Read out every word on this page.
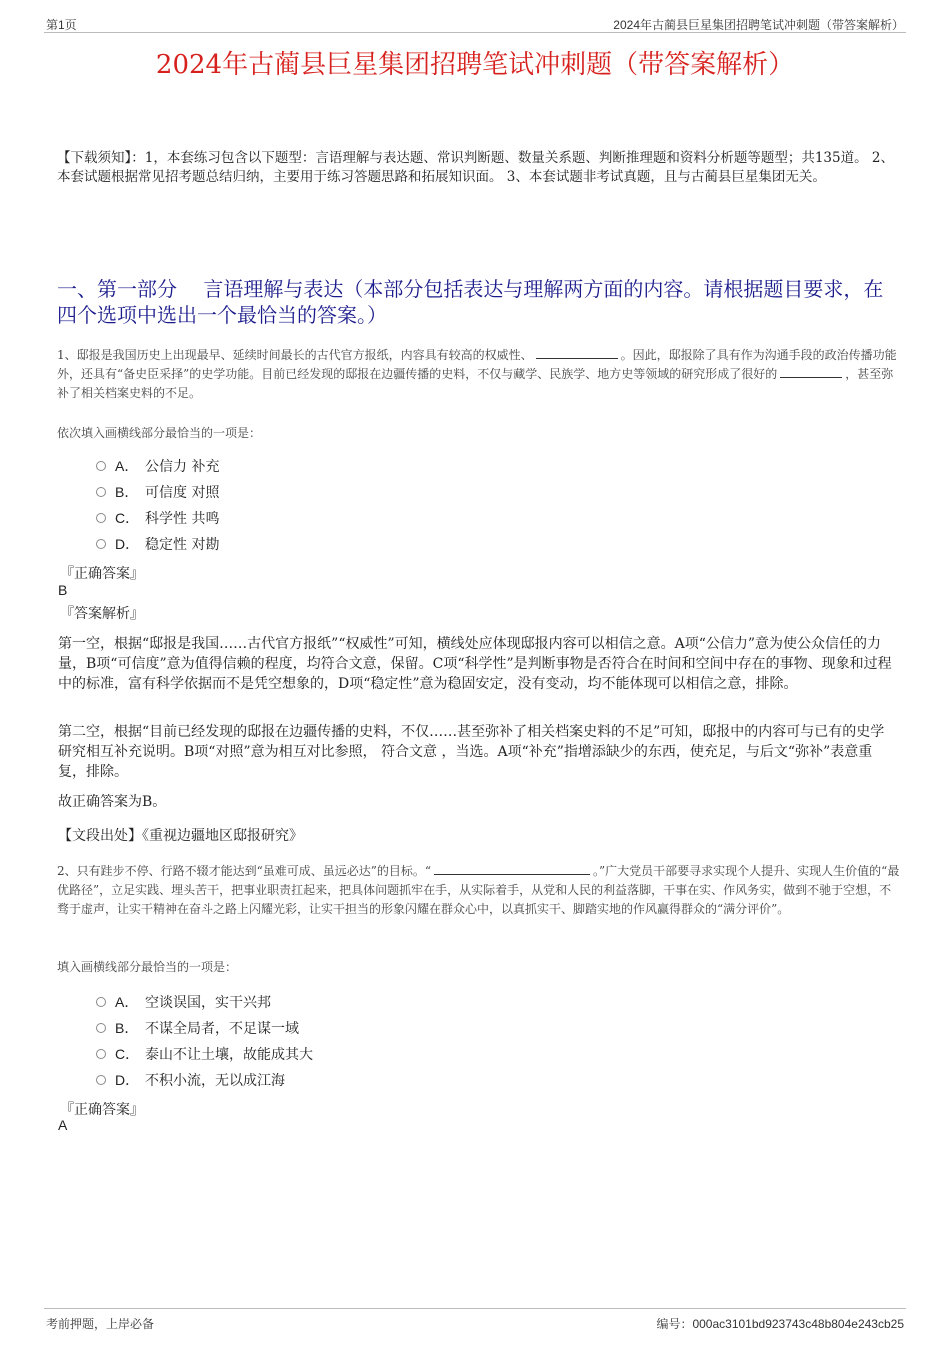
第1页	2024年古蔺县巨星集团招聘笔试冲刺题（带答案解析）
2024年古蔺县巨星集团招聘笔试冲刺题（带答案解析）
【下载须知】：1，本套练习包含以下题型：言语理解与表达题、常识判断题、数量关系题、判断推理题和资料分析题等题型；共135道。 2、本套试题根据常见招考题总结归纳，主要用于练习答题思路和拓展知识面。 3、本套试题非考试真题，且与古蔺县巨星集团无关。
一、第一部分　 言语理解与表达（本部分包括表达与理解两方面的内容。请根据题目要求，在四个选项中选出一个最恰当的答案。）
1、邸报是我国历史上出现最早、延续时间最长的古代官方报纸，内容具有较高的权威性、	。因此，邸报除了具有作为沟通手段的政治传播功能外，还具有“备史臣采择”的史学功能。目前已经发现的邸报在边疆传播的史料，不仅与藏学、民族学、地方史等领域的研究形成了很好的	，甚至弥补了相关档案史料的不足。
依次填入画横线部分最恰当的一项是：
A． 公信力 补充
B． 可信度 对照
C． 科学性 共鸣
D． 稳定性 对勘
『正确答案』
B
『答案解析』
第一空，根据“邸报是我国……古代官方报纸”“权威性”可知，横线处应体现邸报内容可以相信之意。A项“公信力”意为使公众信任的力量，B项“可信度”意为值得信赖的程度，均符合文意，保留。C项“科学性”是判断事物是否符合在时间和空间中存在的事物、现象和过程中的标准，富有科学依据而不是凭空想象的，D项“稳定性”意为稳固安定，没有变动，均不能体现可以相信之意，排除。
第二空，根据“目前已经发现的邸报在边疆传播的史料，不仅……甚至弥补了相关档案史料的不足”可知，邸报中的内容可与已有的史学研究相互补充说明。B项“对照”意为相互对比参照， 符合文意 ，当选。A项“补充”指增添缺少的东西，使充足，与后文“弥补”表意重复，排除。
故正确答案为B。
【文段出处】《重视边疆地区邸报研究》
2、只有跬步不停、行路不辍才能达到“虽难可成、虽远必达”的目标。“	。”广大党员干部要寻求实现个人提升、实现人生价值的“最优路径”，立足实践、埋头苦干，把事业职责扛起来，把具体问题抓牢在手，从实际着手，从党和人民的利益落脚，干事在实、作风务实，做到不驰于空想，不骛于虚声，让实干精神在奋斗之路上闪耀光彩，让实干担当的形象闪耀在群众心中，以真抓实干、脚踏实地的作风赢得群众的“满分评价”。
填入画横线部分最恰当的一项是：
A． 空谈误国，实干兴邦
B． 不谋全局者，不足谋一域
C． 泰山不让土壤，故能成其大
D． 不积小流，无以成江海
『正确答案』
A
考前押题，上岸必备	编号：000ac3101bd923743c48b804e243cb25
